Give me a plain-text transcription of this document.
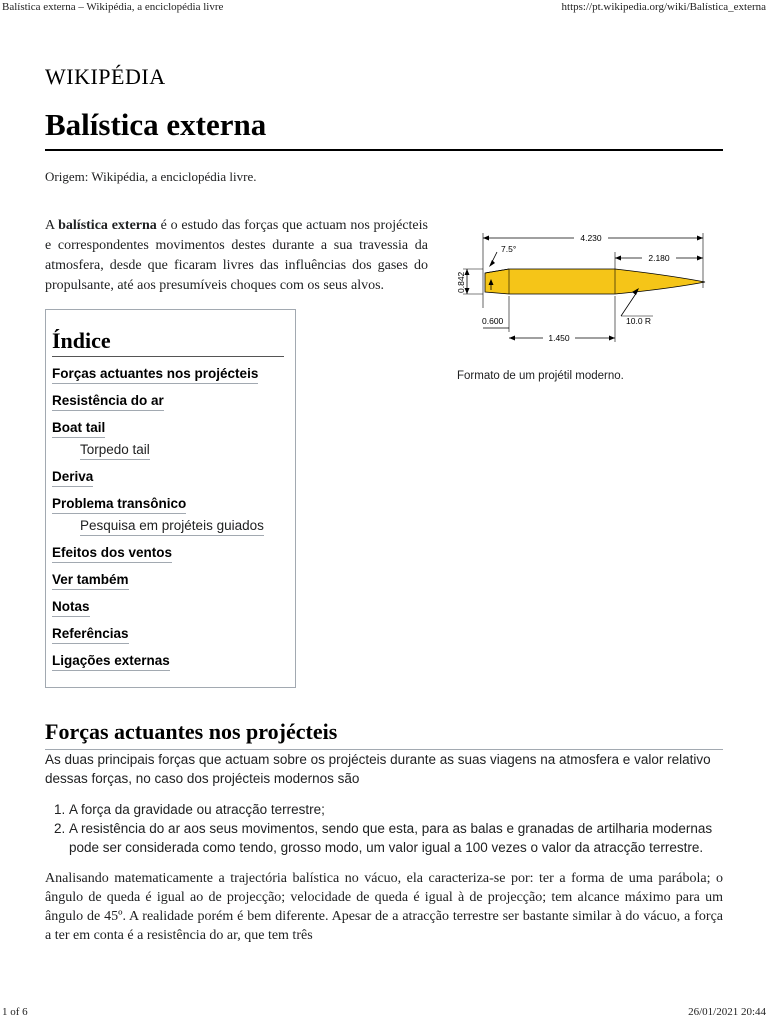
Balística externa – Wikipédia, a enciclopédia livre	https://pt.wikipedia.org/wiki/Balística_externa
WIKIPÉDIA
Balística externa
Origem: Wikipédia, a enciclopédia livre.

A balística externa é o estudo das forças que actuam nos projécteis e correspondentes movimentos destes durante a sua travessia da atmosfera, desde que ficaram livres das influências dos gases do propulsante, até aos presumíveis choques com os seus alvos.

4.230
2.180
7.5°
0.842
0.600
1.450
10.0 R
Formato de um projétil moderno.
Índice
Forças actuantes nos projécteis
Resistência do ar
Boat tail
Torpedo tail
Deriva
Problema transônico
Pesquisa em projéteis guiados
Efeitos dos ventos
Ver também
Notas
Referências
Ligações externas
Forças actuantes nos projécteis
As duas principais forças que actuam sobre os projécteis durante as suas viagens na atmosfera e valor relativo dessas forças, no caso dos projécteis modernos são
1. A força da gravidade ou atracção terrestre;
2. A resistência do ar aos seus movimentos, sendo que esta, para as balas e granadas de artilharia modernas pode ser considerada como tendo, grosso modo, um valor igual a 100 vezes o valor da atracção terrestre.
Analisando matematicamente a trajectória balística no vácuo, ela caracteriza-se por: ter a forma de uma parábola; o ângulo de queda é igual ao de projecção; velocidade de queda é igual à de projecção; tem alcance máximo para um ângulo de 45º. A realidade porém é bem diferente. Apesar de a atracção terrestre ser bastante similar à do vácuo, a força a ter em conta é a resistência do ar, que tem três
1 of 6	26/01/2021 20:44
